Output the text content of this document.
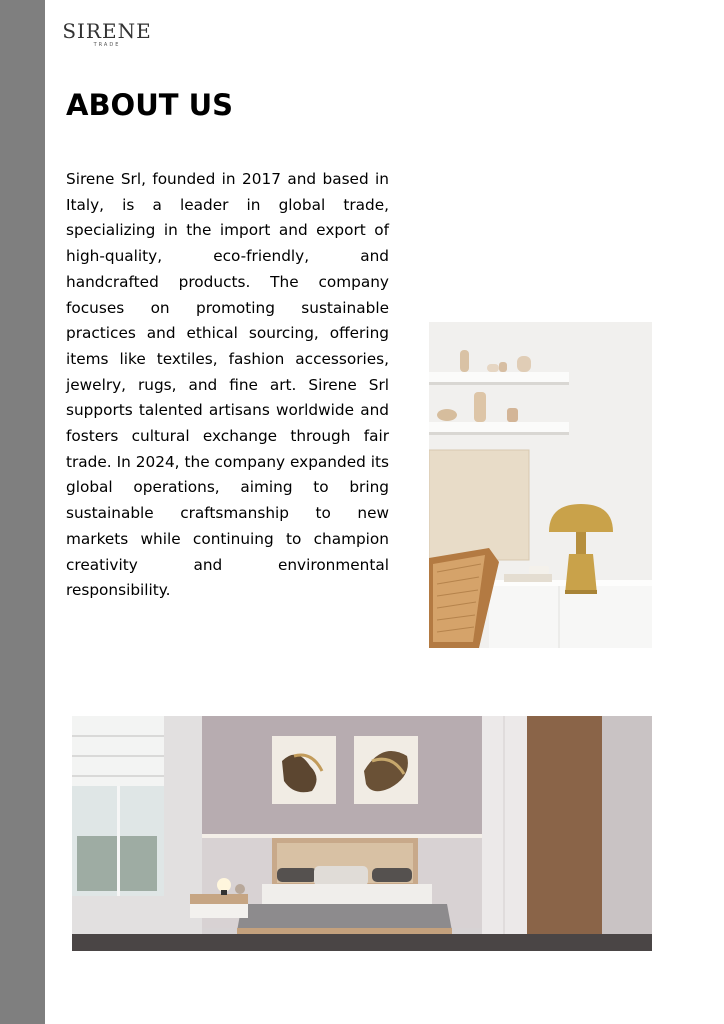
SIRENE
TRADE
ABOUT US

Sirene Srl, founded in 2017 and based in Italy, is a leader in global trade, specializing in the import and export of high-quality, eco-friendly, and handcrafted products. The company focuses on promoting sustainable practices and ethical sourcing, offering items like textiles, fashion accessories, jewelry, rugs, and fine art. Sirene Srl supports talented artisans worldwide and fosters cultural exchange through fair trade. In 2024, the company expanded its global operations, aiming to bring sustainable craftsmanship to new markets while continuing to champion creativity and environmental responsibility.
